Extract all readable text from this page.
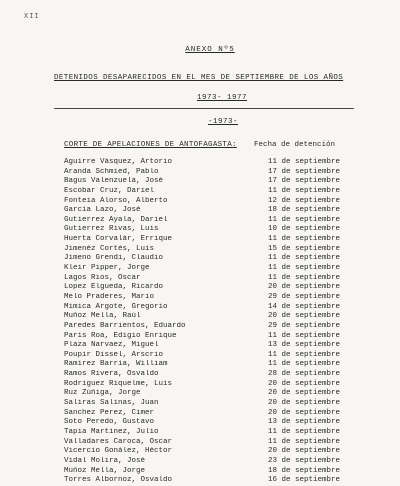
XII
ANEXO Nº5
DETENIDOS DESAPARECIDOS EN EL MES DE SEPTIEMBRE DE LOS AÑOS
1973- 1977
-1973-
CORTE DE APELACIONES DE ANTOFAGASTA: Fecha de detención
Aguirre Vásquez, Artorio	11 de septiembre
Aranda Schmied, Pablo	17 de septiembre
Bagus Valenzuela, José	17 de septiembre
Escobar Cruz, Dariel	11 de septiembre
Fonteia Alorso, Alberto	12 de septiembre
García Lazo, José	18 de septiembre
Gutierrez Ayala, Dariel	11 de septiembre
Gutierrez Rivas, Luis	10 de septiembre
Huerta Corvalár, Errique	11 de septiembre
Jimenéz Cortés, Luis	15 de septiembre
Jimeno Grendi, Claudio	11 de septiembre
Kleir Pipper, Jorge	11 de septiembre
Lagos Rios, Oscar	11 de septiembre
Lopez Elgueda, Ricardo	20 de septiembre
Melo Praderes, Mario	29 de septiembre
Mimica Argote, Gregorio	14 de septiembre
Muñoz Mella, Raúl	20 de septiembre
Paredes Barrientos, Eduardo	29 de septiembre
París Roa, Edigio Enrique	11 de septiembre
Plaza Narvaez, Miguel	13 de septiembre
Poupir Dissel, Arscrio	11 de septiembre
Ramírez Barría, William	11 de septiembre
Ramos Rivera, Osvaldo	28 de septiembre
Rodríguez Riquelme, Luis	20 de septiembre
Ruz Zúñiga, Jorge	20 de septiembre
Saliras Salinas, Juan	20 de septiembre
Sanchez Perez, Cimer	20 de septiembre
Soto Peredo, Gustavo	13 de septiembre
Tapia Martínez, Julio	11 de septiembre
Valladares Caroca, Oscar	11 de septiembre
Vicercio Gonález, Héctor	20 de septiembre
Vidal Molira, José	23 de septiembre
Muñoz Mella, Jorge	18 de septiembre
Torres Albornoz, Osvaldo	16 de septiembre
